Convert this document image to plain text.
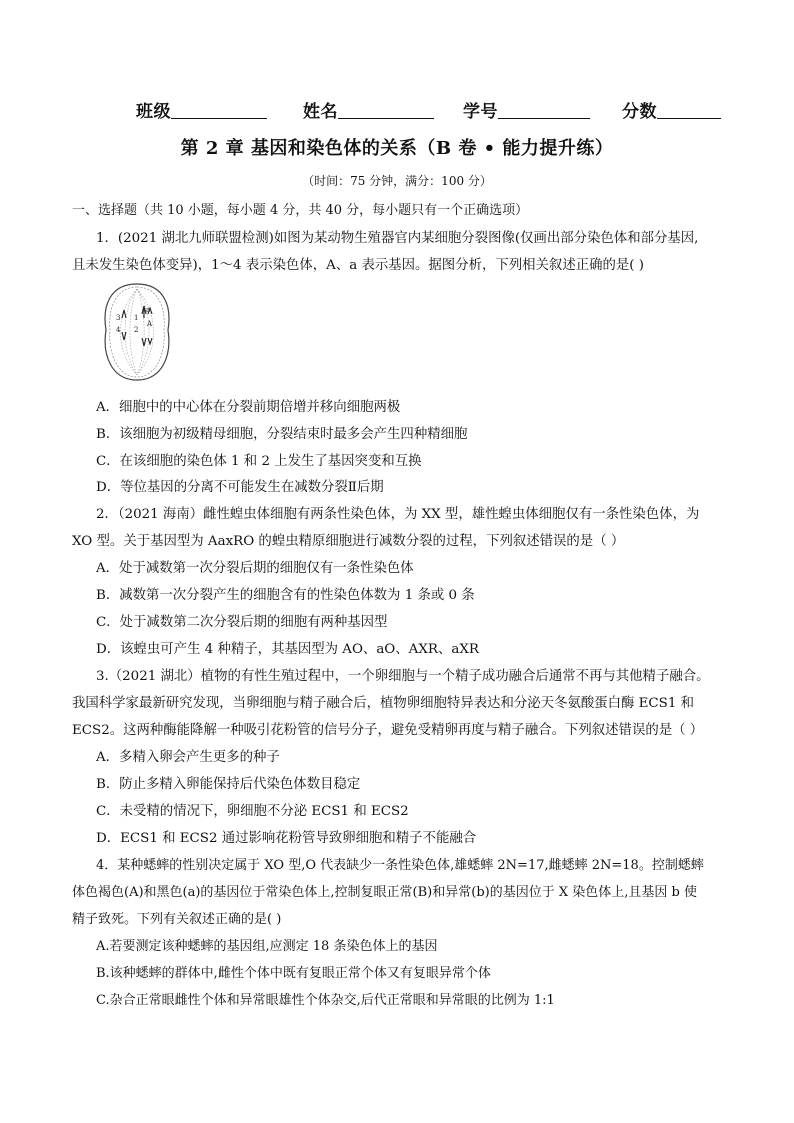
班级	姓名	学号	分数
第 2 章 基因和染色体的关系（B 卷 • 能力提升练）
（时间：75 分钟，满分：100 分）
一、选择题（共 10 小题，每小题 4 分，共 40 分，每小题只有一个正确选项）
1．(2021 湖北九师联盟检测)如图为某动物生殖器官内某细胞分裂图像(仅画出部分染色体和部分基因,
且未发生染色体变异)，1～4 表示染色体，A、a 表示基因。据图分析，下列相关叙述正确的是( )
3
4
1
2
a
A
A．细胞中的中心体在分裂前期倍增并移向细胞两极
B．该细胞为初级精母细胞，分裂结束时最多会产生四种精细胞
C．在该细胞的染色体 1 和 2 上发生了基因突变和互换
D．等位基因的分离不可能发生在减数分裂Ⅱ后期
2．（2021 海南）雌性蝗虫体细胞有两条性染色体，为 XX 型，雄性蝗虫体细胞仅有一条性染色体，为
XO 型。关于基因型为 AaxRO 的蝗虫精原细胞进行减数分裂的过程，下列叙述错误的是（ ）
A．处于减数第一次分裂后期的细胞仅有一条性染色体
B．减数第一次分裂产生的细胞含有的性染色体数为 1 条或 0 条
C．处于减数第二次分裂后期的细胞有两种基因型
D．该蝗虫可产生 4 种精子，其基因型为 AO、aO、AXR、aXR
3.（2021 湖北）植物的有性生殖过程中，一个卵细胞与一个精子成功融合后通常不再与其他精子融合。
我国科学家最新研究发现，当卵细胞与精子融合后，植物卵细胞特异表达和分泌天冬氨酸蛋白酶 ECS1 和
ECS2。这两种酶能降解一种吸引花粉管的信号分子，避免受精卵再度与精子融合。下列叙述错误的是（ ）
A．多精入卵会产生更多的种子
B．防止多精入卵能保持后代染色体数目稳定
C．未受精的情况下，卵细胞不分泌 ECS1 和 ECS2
D．ECS1 和 ECS2 通过影响花粉管导致卵细胞和精子不能融合
4．某种蟋蟀的性别决定属于 XO 型,O 代表缺少一条性染色体,雄蟋蟀 2N=17,雌蟋蟀 2N=18。控制蟋蟀
体色褐色(A)和黑色(a)的基因位于常染色体上,控制复眼正常(B)和异常(b)的基因位于 X 染色体上,且基因 b 使
精子致死。下列有关叙述正确的是( )
A.若要测定该种蟋蟀的基因组,应测定 18 条染色体上的基因
B.该种蟋蟀的群体中,雌性个体中既有复眼正常个体又有复眼异常个体
C.杂合正常眼雌性个体和异常眼雄性个体杂交,后代正常眼和异常眼的比例为 1:1
